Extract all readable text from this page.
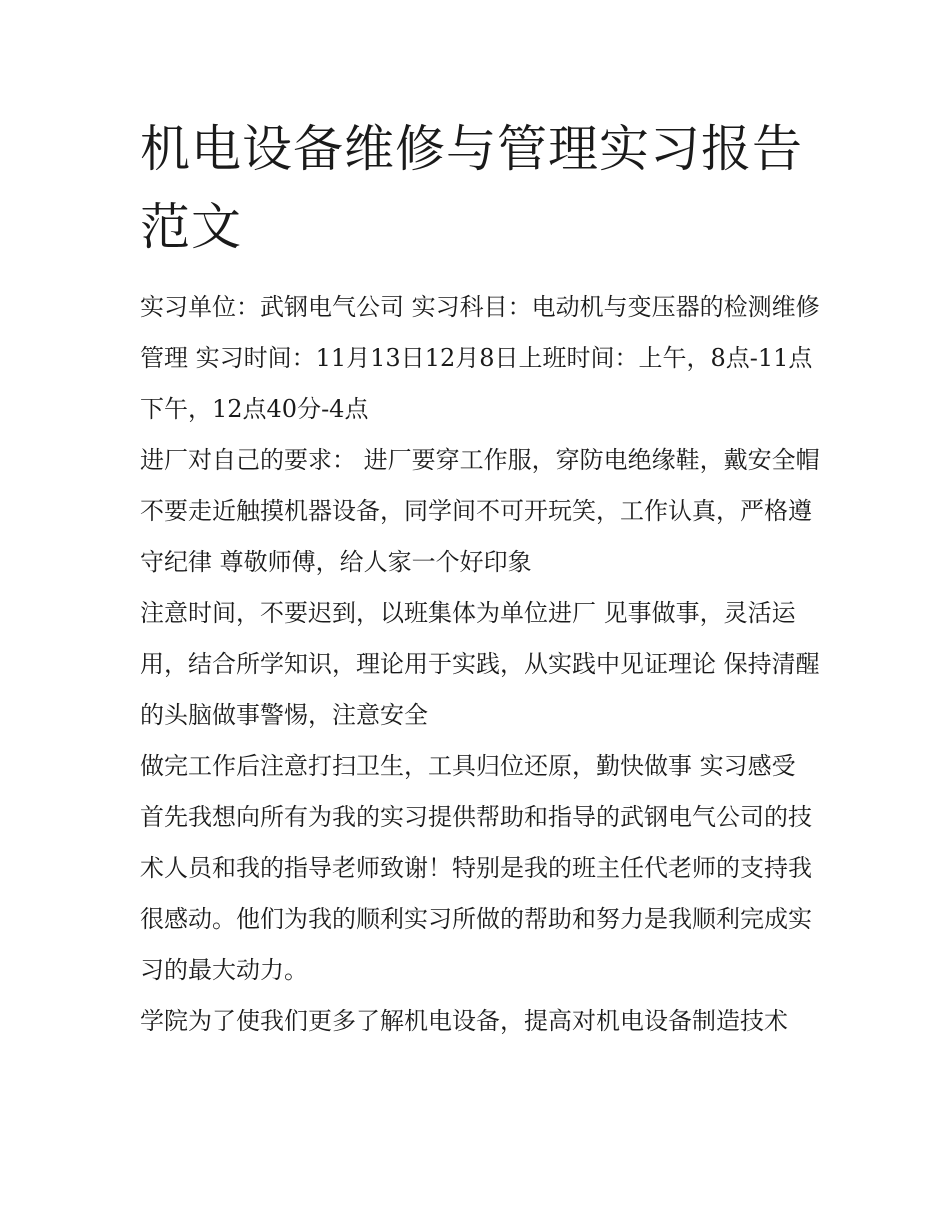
机电设备维修与管理实习报告范文

实习单位：武钢电气公司 实习科目：电动机与变压器的检测维修管理 实习时间：11月13日12月8日上班时间：上午，8点-11点下午，12点40分-4点

进厂对自己的要求： 进厂要穿工作服，穿防电绝缘鞋，戴安全帽 不要走近触摸机器设备，同学间不可开玩笑，工作认真，严格遵守纪律 尊敬师傅，给人家一个好印象

注意时间，不要迟到，以班集体为单位进厂 见事做事，灵活运用，结合所学知识，理论用于实践，从实践中见证理论 保持清醒的头脑做事警惕，注意安全

做完工作后注意打扫卫生，工具归位还原，勤快做事 实习感受

首先我想向所有为我的实习提供帮助和指导的武钢电气公司的技术人员和我的指导老师致谢！特别是我的班主任代老师的支持我很感动。他们为我的顺利实习所做的帮助和努力是我顺利完成实习的最大动力。

学院为了使我们更多了解机电设备，提高对机电设备制造技术
